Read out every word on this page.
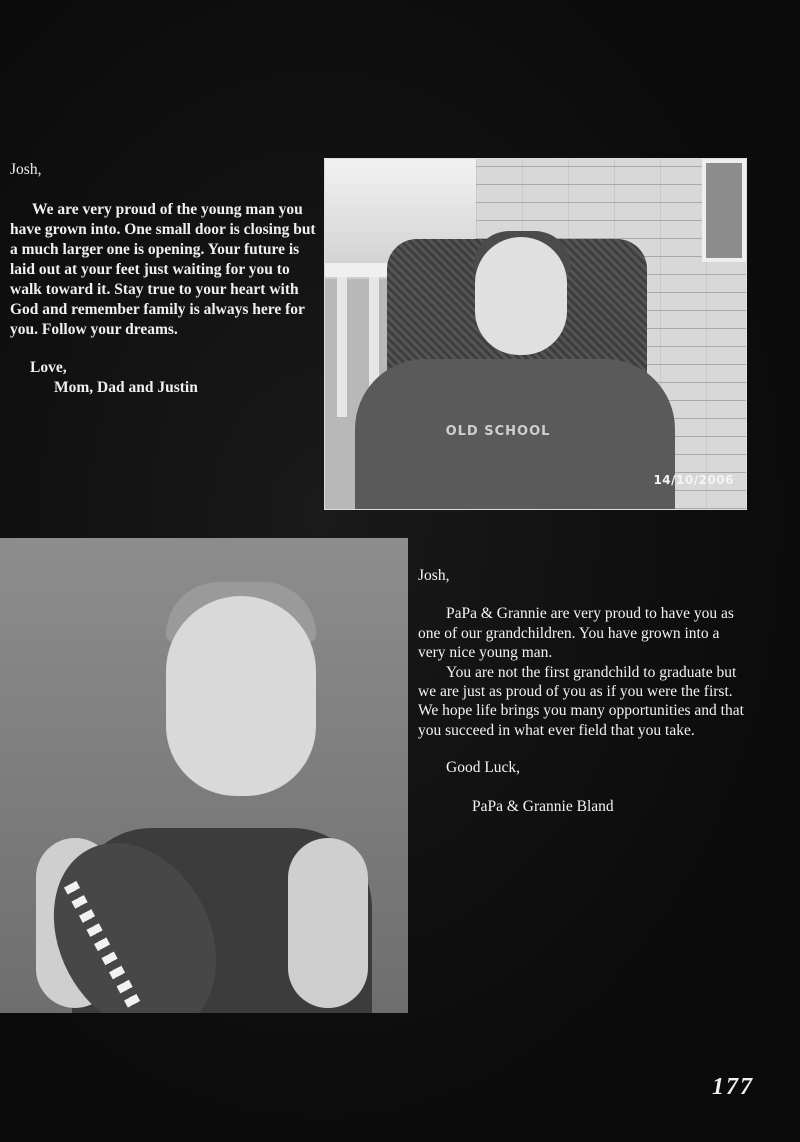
Josh,
We are very proud of the young man you have grown into. One small door is closing but a much larger one is opening. Your future is laid out at your feet just waiting for you to walk toward it. Stay true to your heart with God and remember family is always here for you. Follow your dreams.
Love,
Mom, Dad and Justin
OLD SCHOOL
14/10/2006
Josh,
PaPa & Grannie are very proud to have you as one of our grandchildren. You have grown into a very nice young man.
You are not the first grandchild to graduate but we are just as proud of you as if you were the first. We hope life brings you many opportunities and that you succeed in what ever field that you take.
Good Luck,
PaPa & Grannie Bland
177
